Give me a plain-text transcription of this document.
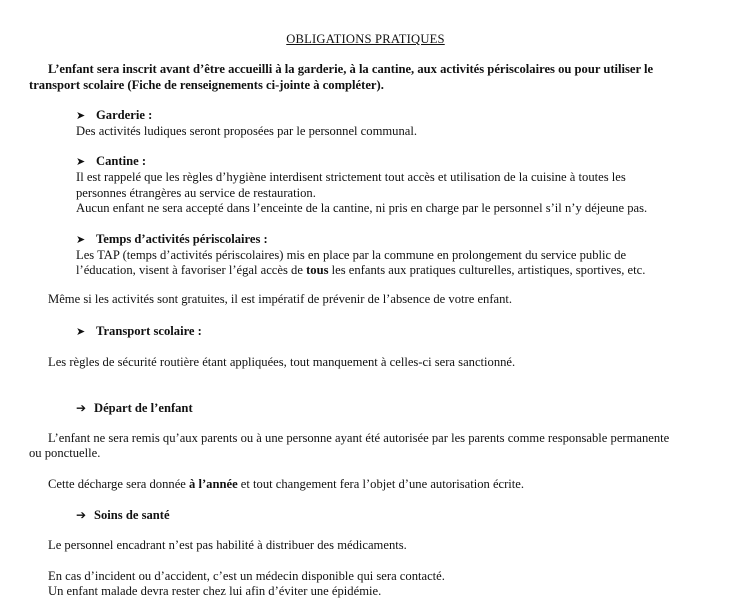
OBLIGATIONS PRATIQUES
L’enfant sera inscrit avant d’être accueilli à la garderie, à la cantine, aux activités périscolaires ou pour utiliser le
transport scolaire (Fiche de renseignements ci-jointe à compléter).
➤ Garderie :
Des activités ludiques seront proposées par le personnel communal.
➤ Cantine :
Il est rappelé que les règles d’hygiène interdisent strictement tout accès et utilisation de la cuisine à toutes les
personnes étrangères au service de restauration.
Aucun enfant ne sera accepté dans l’enceinte de la cantine, ni pris en charge par le personnel s’il n’y déjeune pas.
➤ Temps d’activités périscolaires :
Les TAP (temps d’activités périscolaires) mis en place par la commune en prolongement du service public de
l’éducation, visent à favoriser l’égal accès de tous les enfants aux pratiques culturelles, artistiques, sportives, etc.
Même si les activités sont gratuites, il est impératif de prévenir de l’absence de votre enfant.
➤ Transport scolaire :
Les règles de sécurité routière étant appliquées, tout manquement à celles-ci sera sanctionné.
➔ Départ de l’enfant
L’enfant ne sera remis qu’aux parents ou à une personne ayant été autorisée par les parents comme responsable permanente
ou ponctuelle.
Cette décharge sera donnée à l’année et tout changement fera l’objet d’une autorisation écrite.
➔ Soins de santé
Le personnel encadrant n’est pas habilité à distribuer des médicaments.
En cas d’incident ou d’accident, c’est un médecin disponible qui sera contacté.
Un enfant malade devra rester chez lui afin d’éviter une épidémie.
